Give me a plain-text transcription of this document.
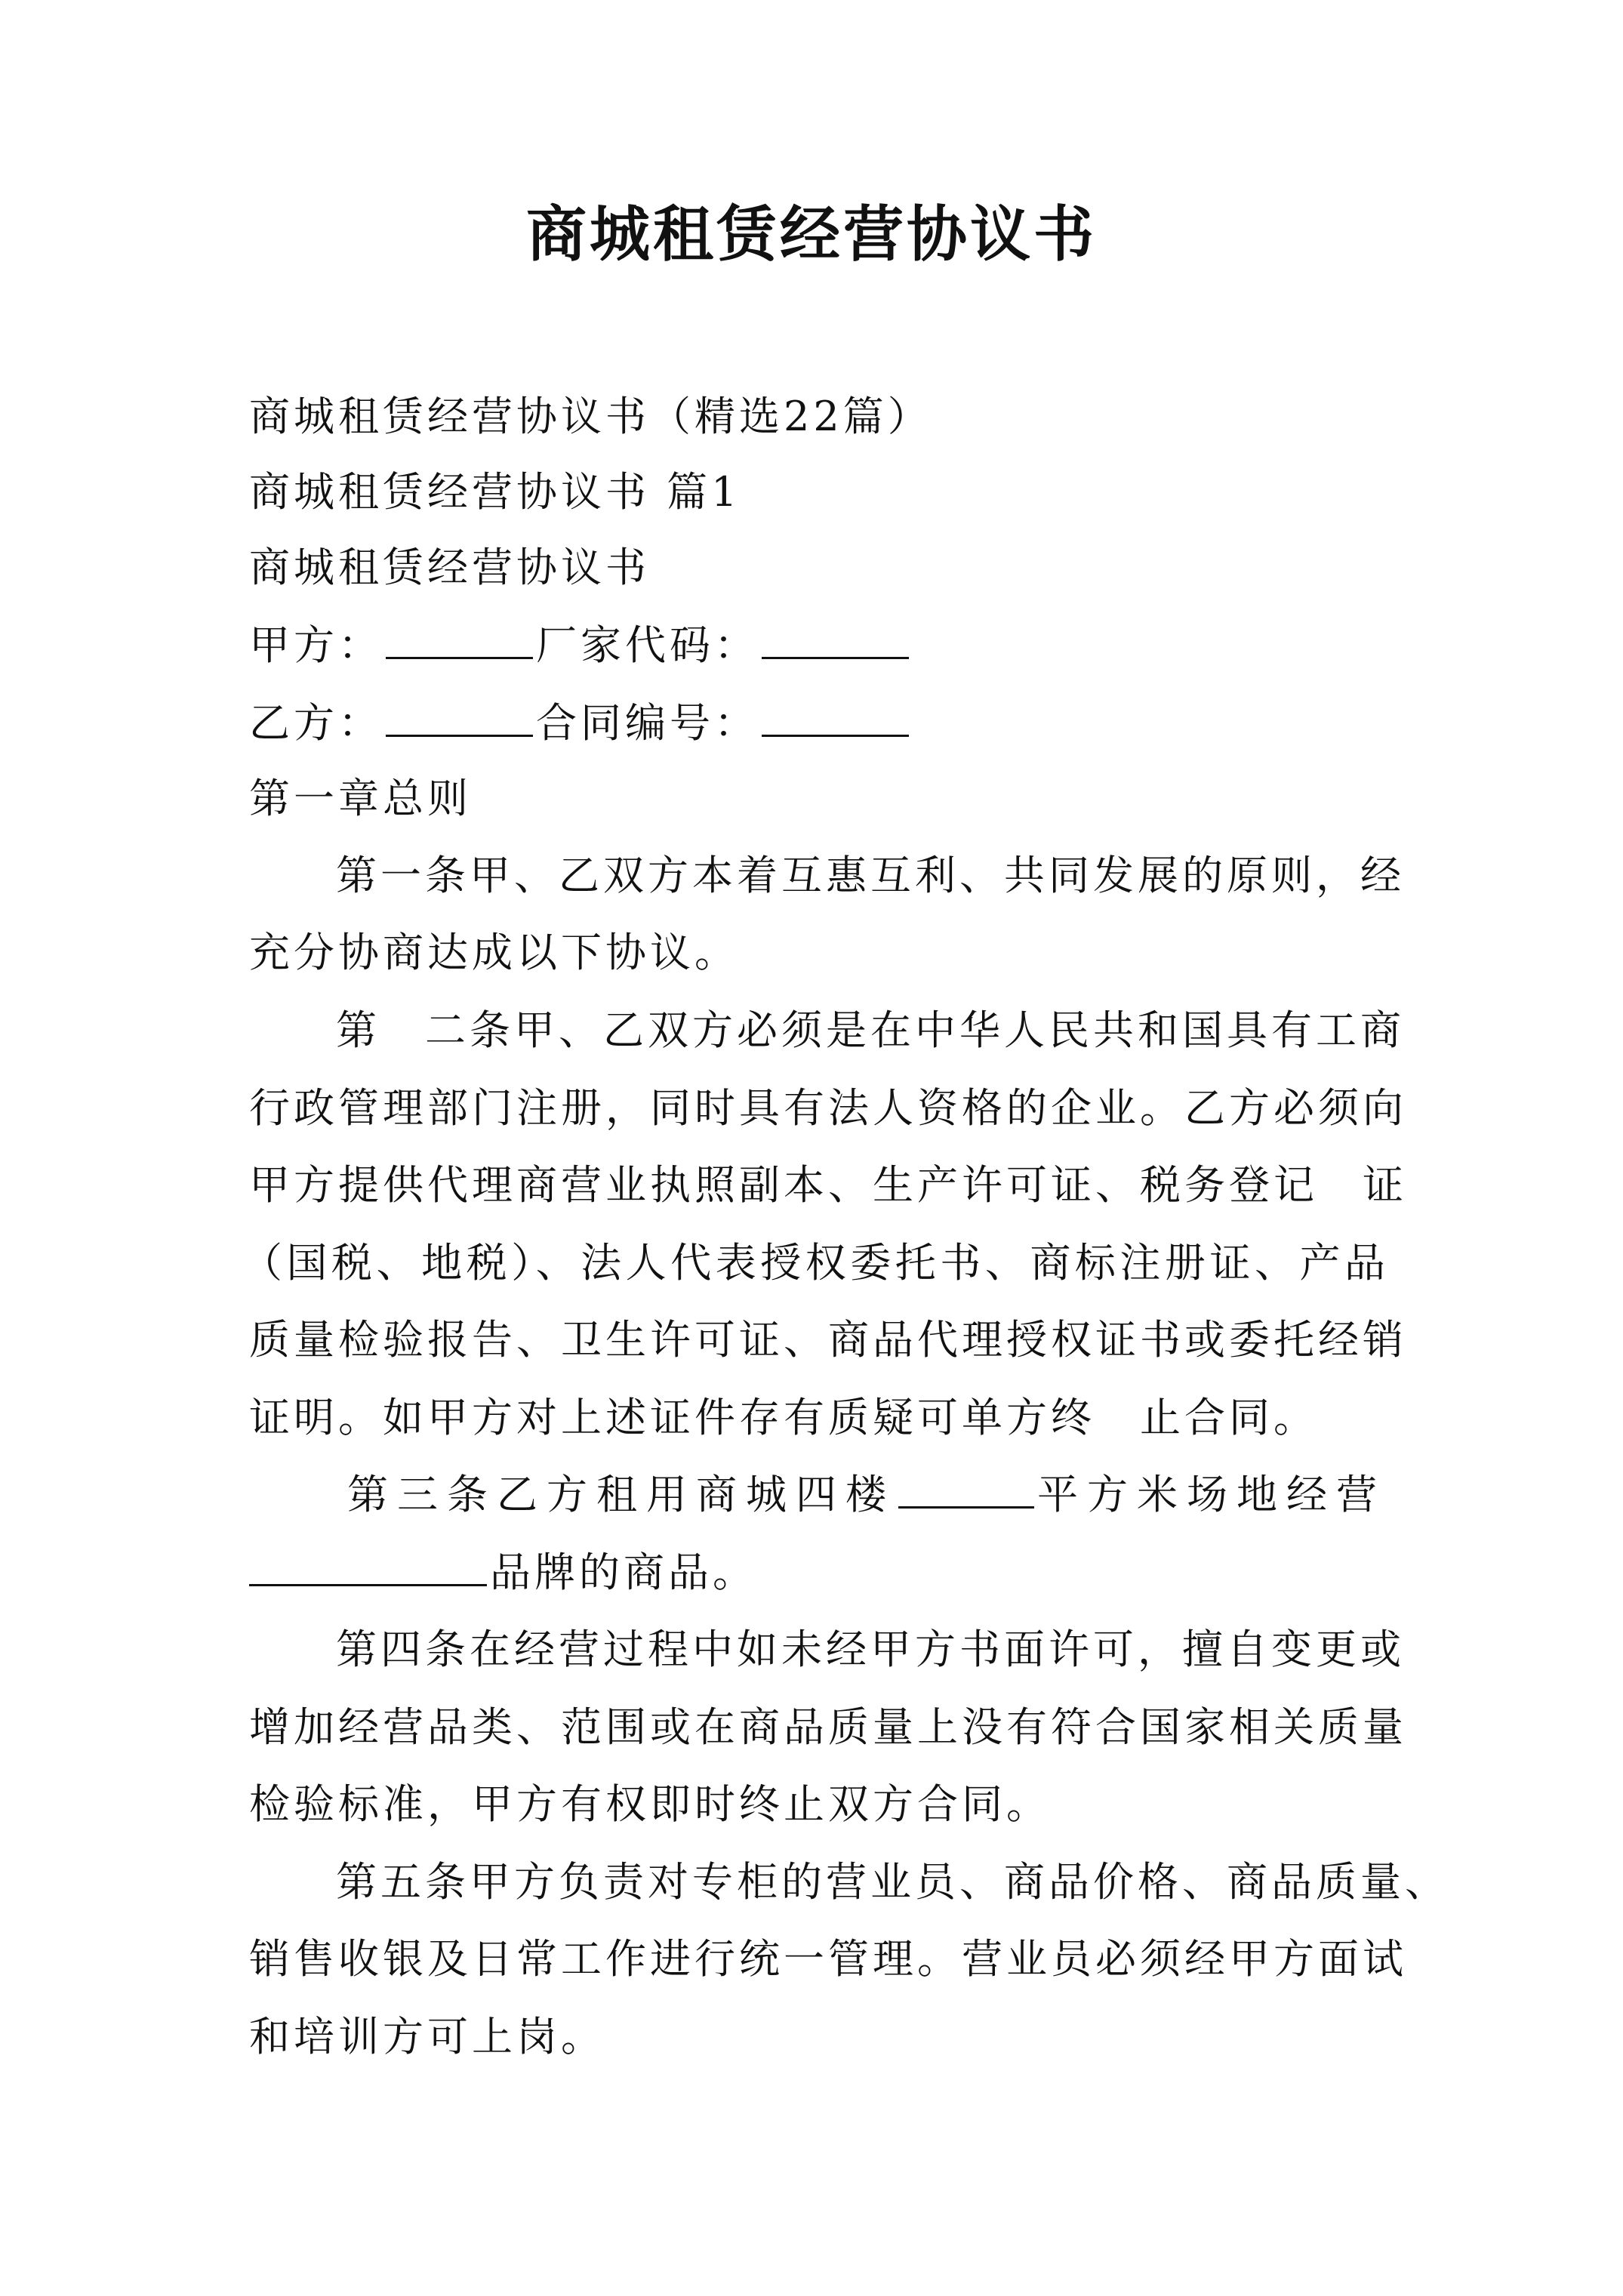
商城租赁经营协议书
商城租赁经营协议书（精选22篇）
商城租赁经营协议书 篇1
商城租赁经营协议书
甲方：	厂家代码：
乙方：	合同编号：
第一章总则
第一条甲、乙双方本着互惠互利、共同发展的原则，经
充分协商达成以下协议。
第　二条甲、乙双方必须是在中华人民共和国具有工商
行政管理部门注册，同时具有法人资格的企业。乙方必须向
甲方提供代理商营业执照副本、生产许可证、税务登记　证
（国税、地税）、法人代表授权委托书、商标注册证、产品
质量检验报告、卫生许可证、商品代理授权证书或委托经销
证明。如甲方对上述证件存有质疑可单方终　止合同。
第三条乙方租用商城四楼	平方米场地经营
品牌的商品。
第四条在经营过程中如未经甲方书面许可，擅自变更或
增加经营品类、范围或在商品质量上没有符合国家相关质量
检验标准，甲方有权即时终止双方合同。
第五条甲方负责对专柜的营业员、商品价格、商品质量、
销售收银及日常工作进行统一管理。营业员必须经甲方面试
和培训方可上岗。
